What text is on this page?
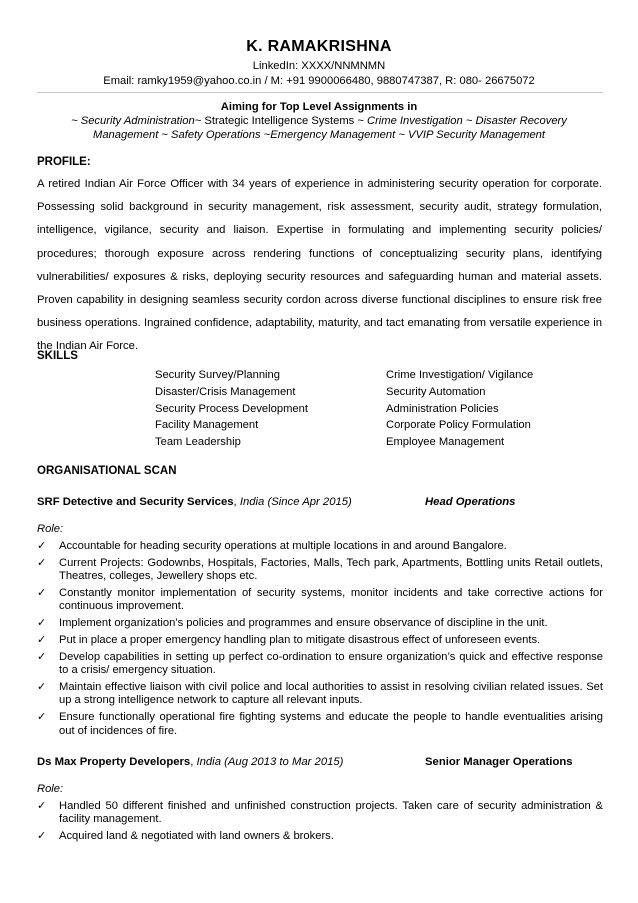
K. RAMAKRISHNA
LinkedIn: XXXX/NNMNMN
Email: ramky1959@yahoo.co.in / M: +91 9900066480, 9880747387, R: 080- 26675072
Aiming for Top Level Assignments in
~ Security Administration~ Strategic Intelligence Systems ~ Crime Investigation ~ Disaster Recovery
Management ~ Safety Operations ~Emergency Management ~ VVIP Security Management
PROFILE:
A retired Indian Air Force Officer with 34 years of experience in administering security operation for corporate. Possessing solid background in security management, risk assessment, security audit, strategy formulation, intelligence, vigilance, security and liaison. Expertise in formulating and implementing security policies/ procedures; thorough exposure across rendering functions of conceptualizing security plans, identifying vulnerabilities/ exposures & risks, deploying security resources and safeguarding human and material assets. Proven capability in designing seamless security cordon across diverse functional disciplines to ensure risk free business operations. Ingrained confidence, adaptability, maturity, and tact emanating from versatile experience in the Indian Air Force.
SKILLS
Security Survey/Planning
Disaster/Crisis Management
Security Process Development
Facility Management
Team Leadership
Crime Investigation/ Vigilance
Security Automation
Administration Policies
Corporate Policy Formulation
Employee Management
ORGANISATIONAL SCAN
SRF Detective and Security Services, India (Since Apr 2015)	Head Operations
Role:
✓ Accountable for heading security operations at multiple locations in and around Bangalore.
✓ Current Projects: Godownbs, Hospitals, Factories, Malls, Tech park, Apartments, Bottling units Retail outlets, Theatres, colleges, Jewellery shops etc.
✓ Constantly monitor implementation of security systems, monitor incidents and take corrective actions for continuous improvement.
✓ Implement organization’s policies and programmes and ensure observance of discipline in the unit.
✓ Put in place a proper emergency handling plan to mitigate disastrous effect of unforeseen events.
✓ Develop capabilities in setting up perfect co-ordination to ensure organization’s quick and effective response to a crisis/ emergency situation.
✓ Maintain effective liaison with civil police and local authorities to assist in resolving civilian related issues. Set up a strong intelligence network to capture all relevant inputs.
✓ Ensure functionally operational fire fighting systems and educate the people to handle eventualities arising out of incidences of fire.
Ds Max Property Developers, India (Aug 2013 to Mar 2015)	Senior Manager Operations
Role:
✓ Handled 50 different finished and unfinished construction projects. Taken care of security administration & facility management.
✓ Acquired land & negotiated with land owners & brokers.
